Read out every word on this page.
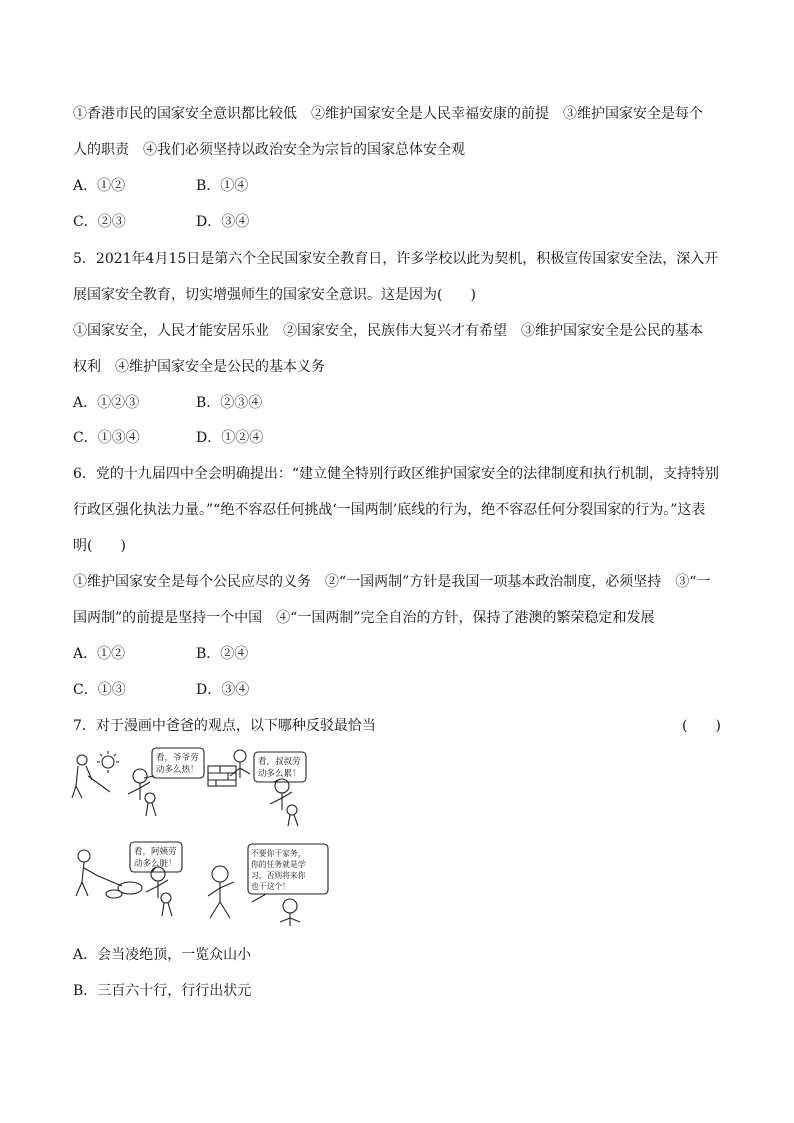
①香港市民的国家安全意识都比较低　②维护国家安全是人民幸福安康的前提　③维护国家安全是每个
人的职责　④我们必须坚持以政治安全为宗旨的国家总体安全观
A．①②	B．①④
C．②③	D．③④
5．2021年4月15日是第六个全民国家安全教育日，许多学校以此为契机，积极宣传国家安全法，深入开
展国家安全教育，切实增强师生的国家安全意识。这是因为(　　)
①国家安全，人民才能安居乐业　②国家安全，民族伟大复兴才有希望　③维护国家安全是公民的基本
权利　④维护国家安全是公民的基本义务
A．①②③	B．②③④
C．①③④	D．①②④
6．党的十九届四中全会明确提出：“建立健全特别行政区维护国家安全的法律制度和执行机制，支持特别
行政区强化执法力量。”“绝不容忍任何挑战‘一国两制’底线的行为，绝不容忍任何分裂国家的行为。”这表
明(　　)
①维护国家安全是每个公民应尽的义务　②“一国两制”方针是我国一项基本政治制度，必须坚持　③“一
国两制”的前提是坚持一个中国　④“一国两制”完全自治的方针，保持了港澳的繁荣稳定和发展
A．①②	B．②④
C．①③	D．③④
7．对于漫画中爸爸的观点，以下哪种反驳最恰当	(　　)
看，爷爷劳
动多么热！
看，叔叔劳
动多么累！
看，阿姨劳
动多么脏！
不要你干家务，
你的任务就是学
习，否则将来你
也干这个！
A．会当凌绝顶，一览众山小
B．三百六十行，行行出状元
